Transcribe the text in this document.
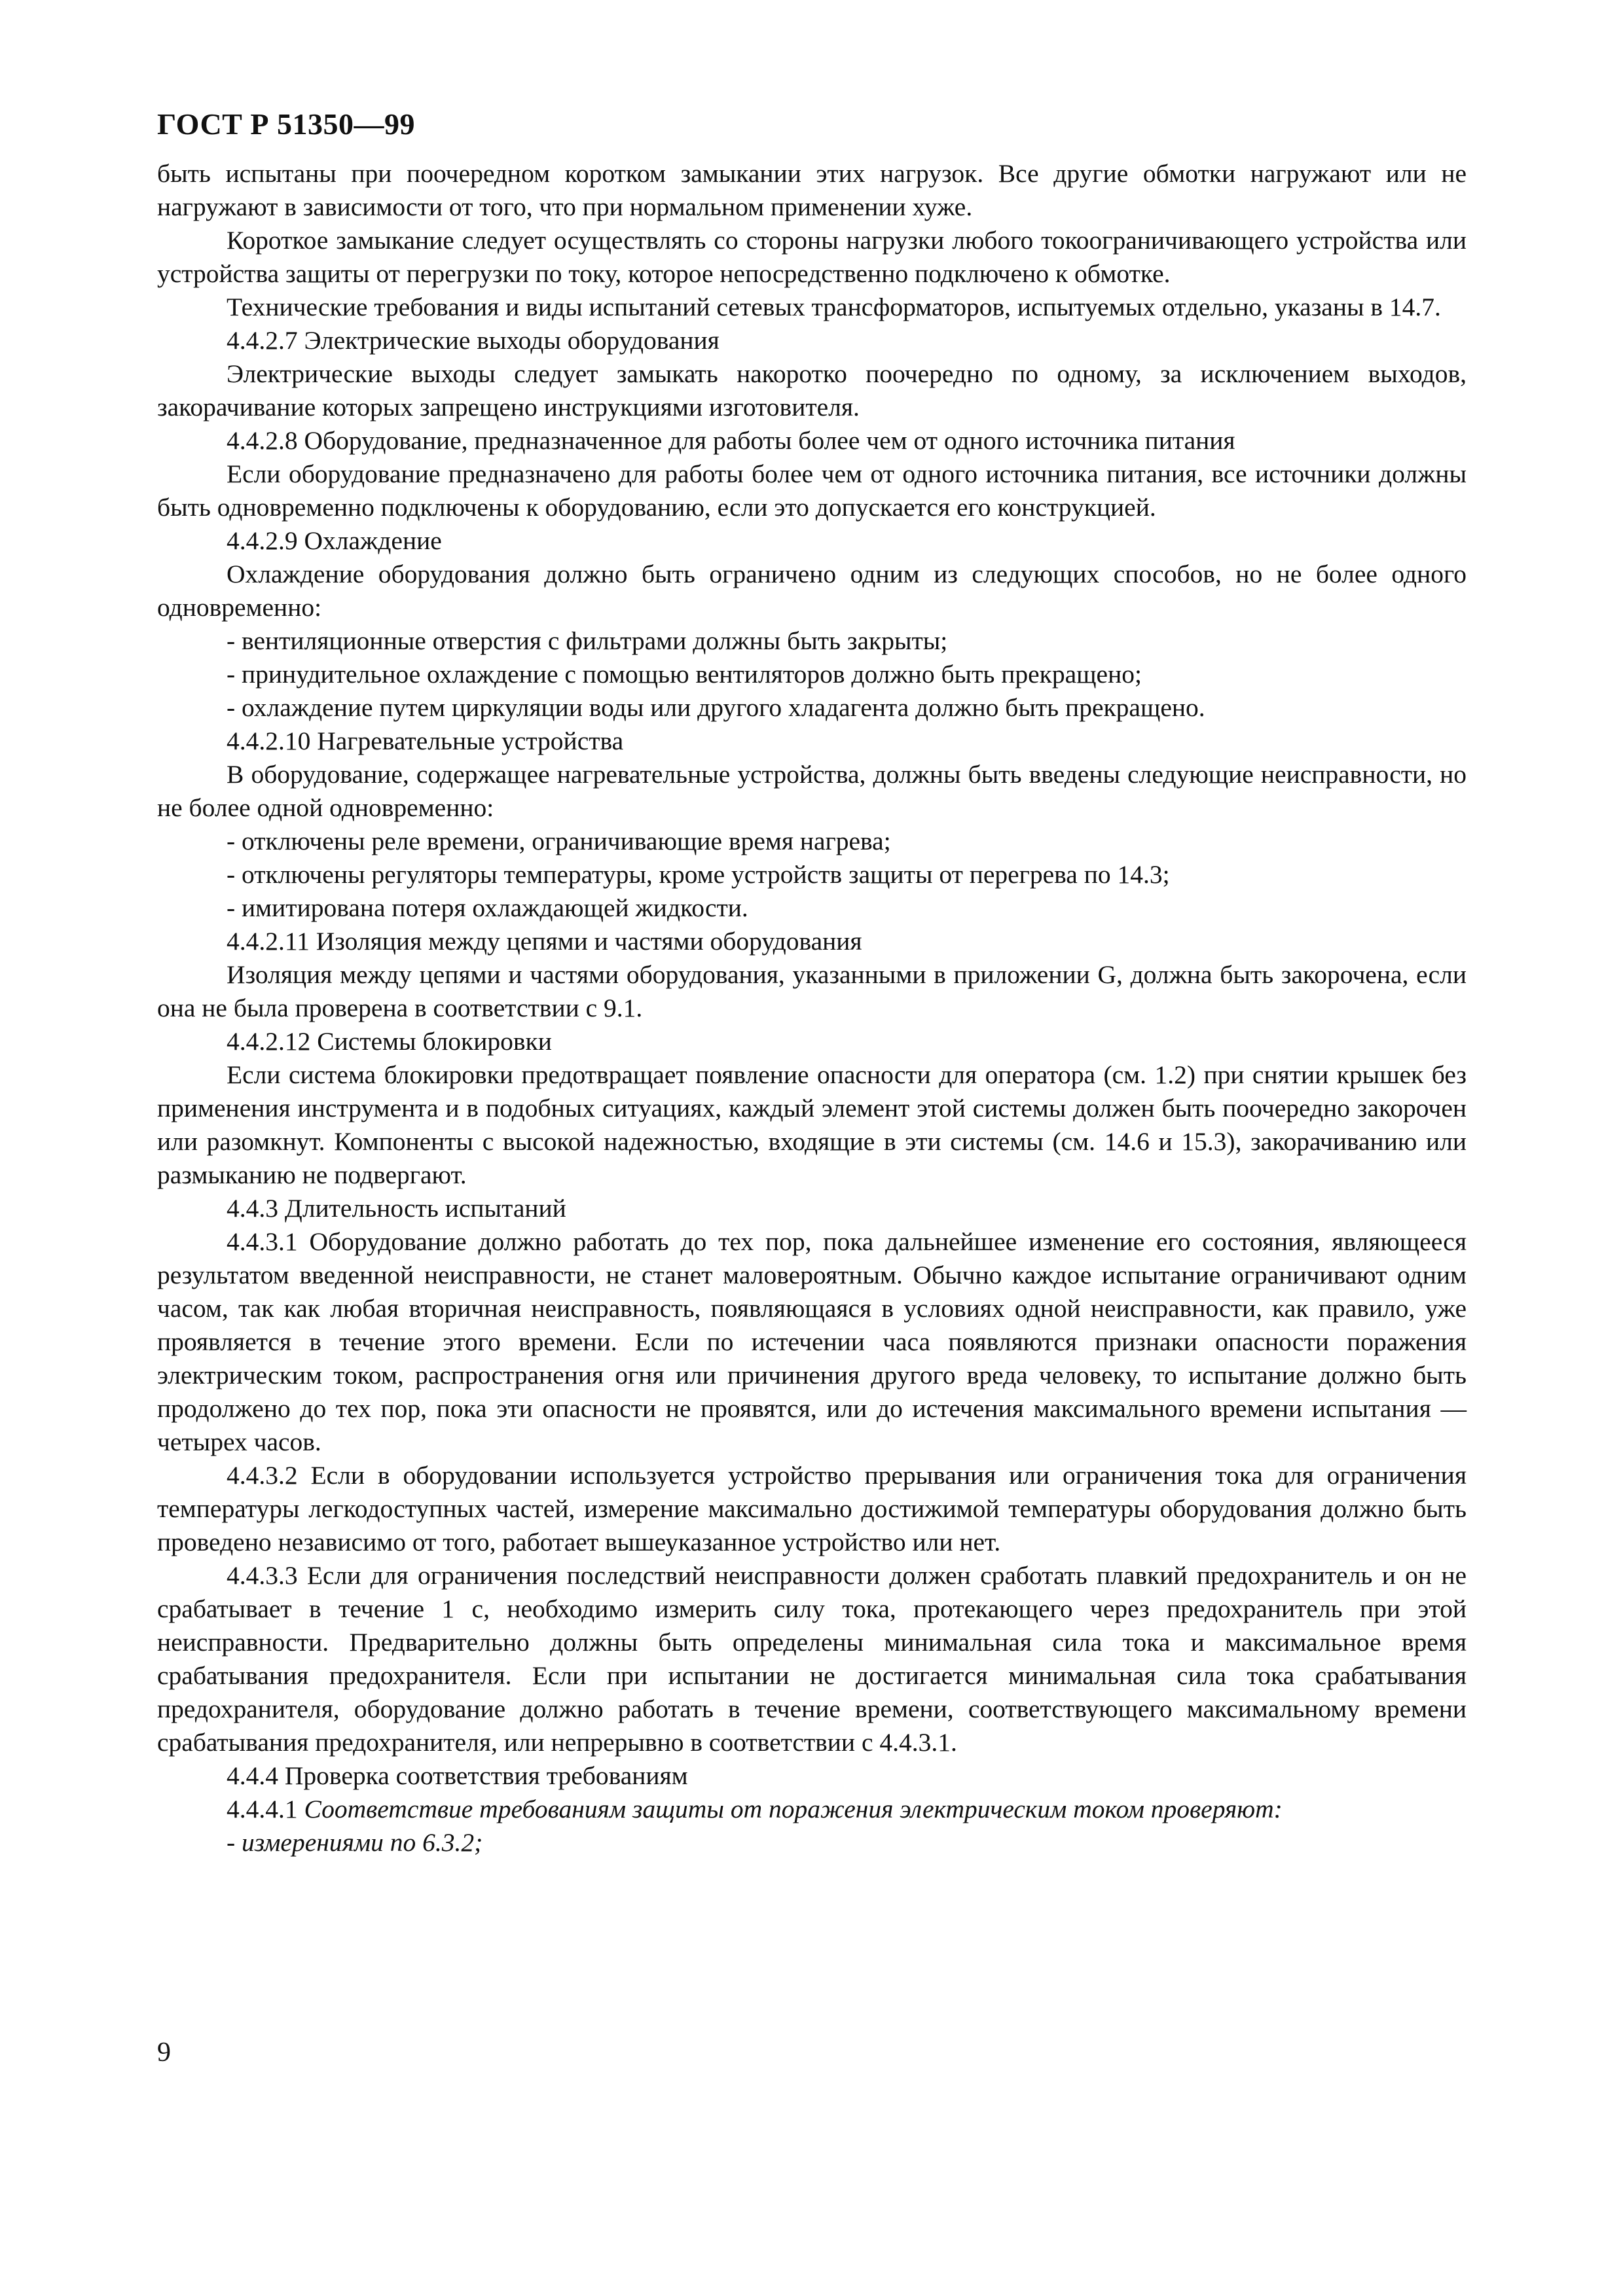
ГОСТ Р 51350—99

быть испытаны при поочередном коротком замыкании этих нагрузок. Все другие обмотки нагружают или не нагружают в зависимости от того, что при нормальном применении хуже.

Короткое замыкание следует осуществлять со стороны нагрузки любого токоограничивающего устройства или устройства защиты от перегрузки по току, которое непосредственно подключено к обмотке.

Технические требования и виды испытаний сетевых трансформаторов, испытуемых отдельно, указаны в 14.7.

4.4.2.7 Электрические выходы оборудования

Электрические выходы следует замыкать накоротко поочередно по одному, за исключением выходов, закорачивание которых запрещено инструкциями изготовителя.

4.4.2.8 Оборудование, предназначенное для работы более чем от одного источника питания

Если оборудование предназначено для работы более чем от одного источника питания, все источники должны быть одновременно подключены к оборудованию, если это допускается его конструкцией.

4.4.2.9 Охлаждение

Охлаждение оборудования должно быть ограничено одним из следующих способов, но не более одного одновременно:

- вентиляционные отверстия с фильтрами должны быть закрыты;

- принудительное охлаждение с помощью вентиляторов должно быть прекращено;

- охлаждение путем циркуляции воды или другого хладагента должно быть прекращено.

4.4.2.10 Нагревательные устройства

В оборудование, содержащее нагревательные устройства, должны быть введены следующие неисправности, но не более одной одновременно:

- отключены реле времени, ограничивающие время нагрева;

- отключены регуляторы температуры, кроме устройств защиты от перегрева по 14.3;

- имитирована потеря охлаждающей жидкости.

4.4.2.11 Изоляция между цепями и частями оборудования

Изоляция между цепями и частями оборудования, указанными в приложении G, должна быть закорочена, если она не была проверена в соответствии с 9.1.

4.4.2.12 Системы блокировки

Если система блокировки предотвращает появление опасности для оператора (см. 1.2) при снятии крышек без применения инструмента и в подобных ситуациях, каждый элемент этой системы должен быть поочередно закорочен или разомкнут. Компоненты с высокой надежностью, входящие в эти системы (см. 14.6 и 15.3), закорачиванию или размыканию не подвергают.

4.4.3 Длительность испытаний

4.4.3.1 Оборудование должно работать до тех пор, пока дальнейшее изменение его состояния, являющееся результатом введенной неисправности, не станет маловероятным. Обычно каждое испытание ограничивают одним часом, так как любая вторичная неисправность, появляющаяся в условиях одной неисправности, как правило, уже проявляется в течение этого времени. Если по истечении часа появляются признаки опасности поражения электрическим током, распространения огня или причинения другого вреда человеку, то испытание должно быть продолжено до тех пор, пока эти опасности не проявятся, или до истечения максимального времени испытания — четырех часов.

4.4.3.2 Если в оборудовании используется устройство прерывания или ограничения тока для ограничения температуры легкодоступных частей, измерение максимально достижимой температуры оборудования должно быть проведено независимо от того, работает вышеуказанное устройство или нет.

4.4.3.3 Если для ограничения последствий неисправности должен сработать плавкий предохранитель и он не срабатывает в течение 1 с, необходимо измерить силу тока, протекающего через предохранитель при этой неисправности. Предварительно должны быть определены минимальная сила тока и максимальное время срабатывания предохранителя. Если при испытании не достигается минимальная сила тока срабатывания предохранителя, оборудование должно работать в течение времени, соответствующего максимальному времени срабатывания предохранителя, или непрерывно в соответствии с 4.4.3.1.

4.4.4 Проверка соответствия требованиям

4.4.4.1 Соответствие требованиям защиты от поражения электрическим током проверяют:

- измерениями по 6.3.2;

9
